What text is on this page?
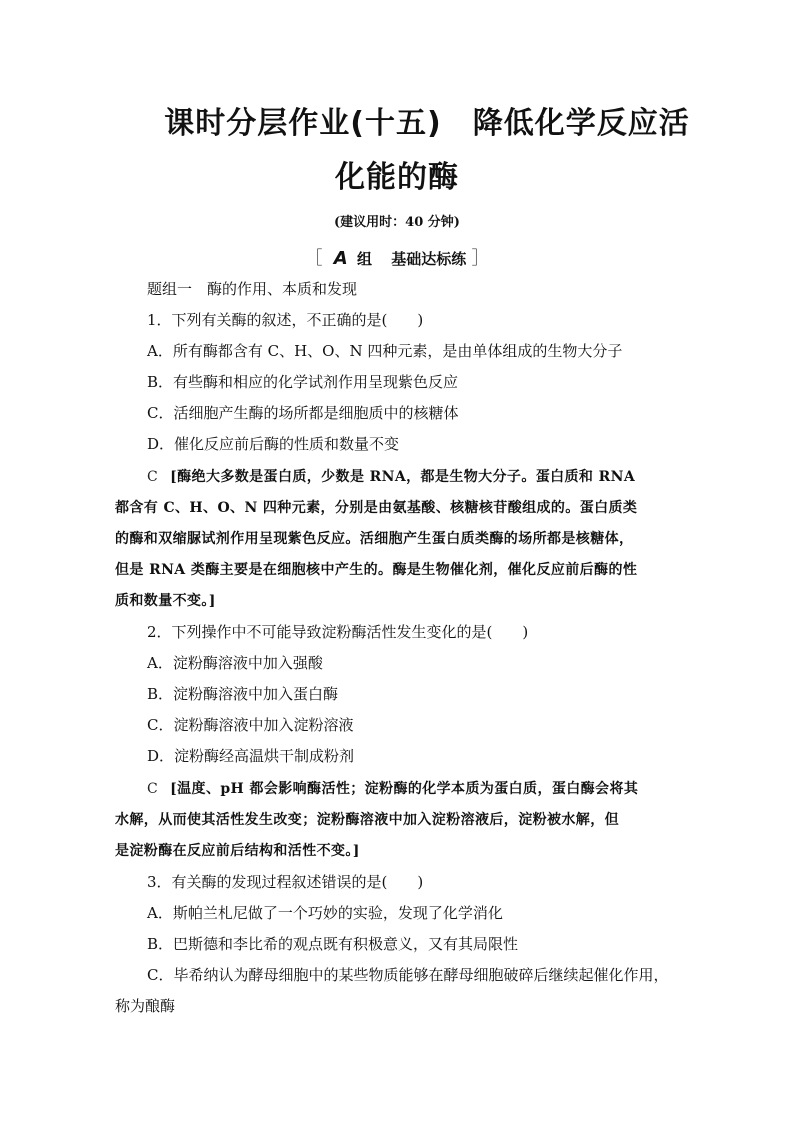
课时分层作业(十五)　降低化学反应活
化能的酶
(建议用时：40 分钟)
［ A 组 基础达标练 ］
题组一　酶的作用、本质和发现
1．下列有关酶的叙述，不正确的是(　　)
A．所有酶都含有 C、H、O、N 四种元素，是由单体组成的生物大分子
B．有些酶和相应的化学试剂作用呈现紫色反应
C．活细胞产生酶的场所都是细胞质中的核糖体
D．催化反应前后酶的性质和数量不变
C [酶绝大多数是蛋白质，少数是 RNA，都是生物大分子。蛋白质和 RNA
都含有 C、H、O、N 四种元素，分别是由氨基酸、核糖核苷酸组成的。蛋白质类
的酶和双缩脲试剂作用呈现紫色反应。活细胞产生蛋白质类酶的场所都是核糖体，
但是 RNA 类酶主要是在细胞核中产生的。酶是生物催化剂，催化反应前后酶的性
质和数量不变。]
2．下列操作中不可能导致淀粉酶活性发生变化的是(　　)
A．淀粉酶溶液中加入强酸
B．淀粉酶溶液中加入蛋白酶
C．淀粉酶溶液中加入淀粉溶液
D．淀粉酶经高温烘干制成粉剂
C [温度、pH 都会影响酶活性；淀粉酶的化学本质为蛋白质，蛋白酶会将其
水解，从而使其活性发生改变；淀粉酶溶液中加入淀粉溶液后，淀粉被水解，但
是淀粉酶在反应前后结构和活性不变。]
3．有关酶的发现过程叙述错误的是(　　)
A．斯帕兰札尼做了一个巧妙的实验，发现了化学消化
B．巴斯德和李比希的观点既有积极意义，又有其局限性
C．毕希纳认为酵母细胞中的某些物质能够在酵母细胞破碎后继续起催化作用，
称为酿酶
